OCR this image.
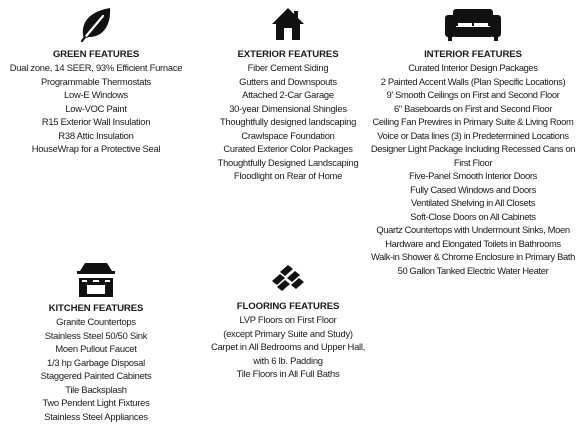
GREEN FEATURES
Dual zone, 14 SEER, 93% Efficient Furnace
Programmable Thermostats
Low-E Windows
Low-VOC Paint
R15 Exterior Wall Insulation
R38 Attic Insulation
HouseWrap for a Protective Seal
EXTERIOR FEATURES
Fiber Cement Siding
Gutters and Downspouts
Attached 2-Car Garage
30-year Dimensional Shingles
Thoughtfully designed landscaping
Crawlspace Foundation
Curated Exterior Color Packages
Thoughtfully Designed Landscaping
Floodlight on Rear of Home
INTERIOR FEATURES
Curated Interior Design Packages
2 Painted Accent Walls (Plan Specific Locations)
9' Smooth Ceilings on First and Second Floor
6" Baseboards on First and Second Floor
Ceiling Fan Prewires in Primary Suite & Living Room
Voice or Data lines (3) in Predetermined Locations
Designer Light Package Including Recessed Cans on First Floor
Five-Panel Smooth Interior Doors
Fully Cased Windows and Doors
Ventilated Shelving in All Closets
Soft-Close Doors on All Cabinets
Quartz Countertops with Undermount Sinks, Moen Hardware and Elongated Toilets in Bathrooms
Walk-in Shower & Chrome Enclosure in Primary Bath
50 Gallon Tanked Electric Water Heater
KITCHEN FEATURES
Granite Countertops
Stainless Steel 50/50 Sink
Moen Pullout Faucet
1/3 hp Garbage Disposal
Staggered Painted Cabinets
Tile Backsplash
Two Pendent Light Fixtures
Stainless Steel Appliances
FLOORING FEATURES
LVP Floors on First Floor
(except Primary Suite and Study)
Carpet in All Bedrooms and Upper Hall,
with 6 lb. Padding
Tile Floors in All Full Baths
